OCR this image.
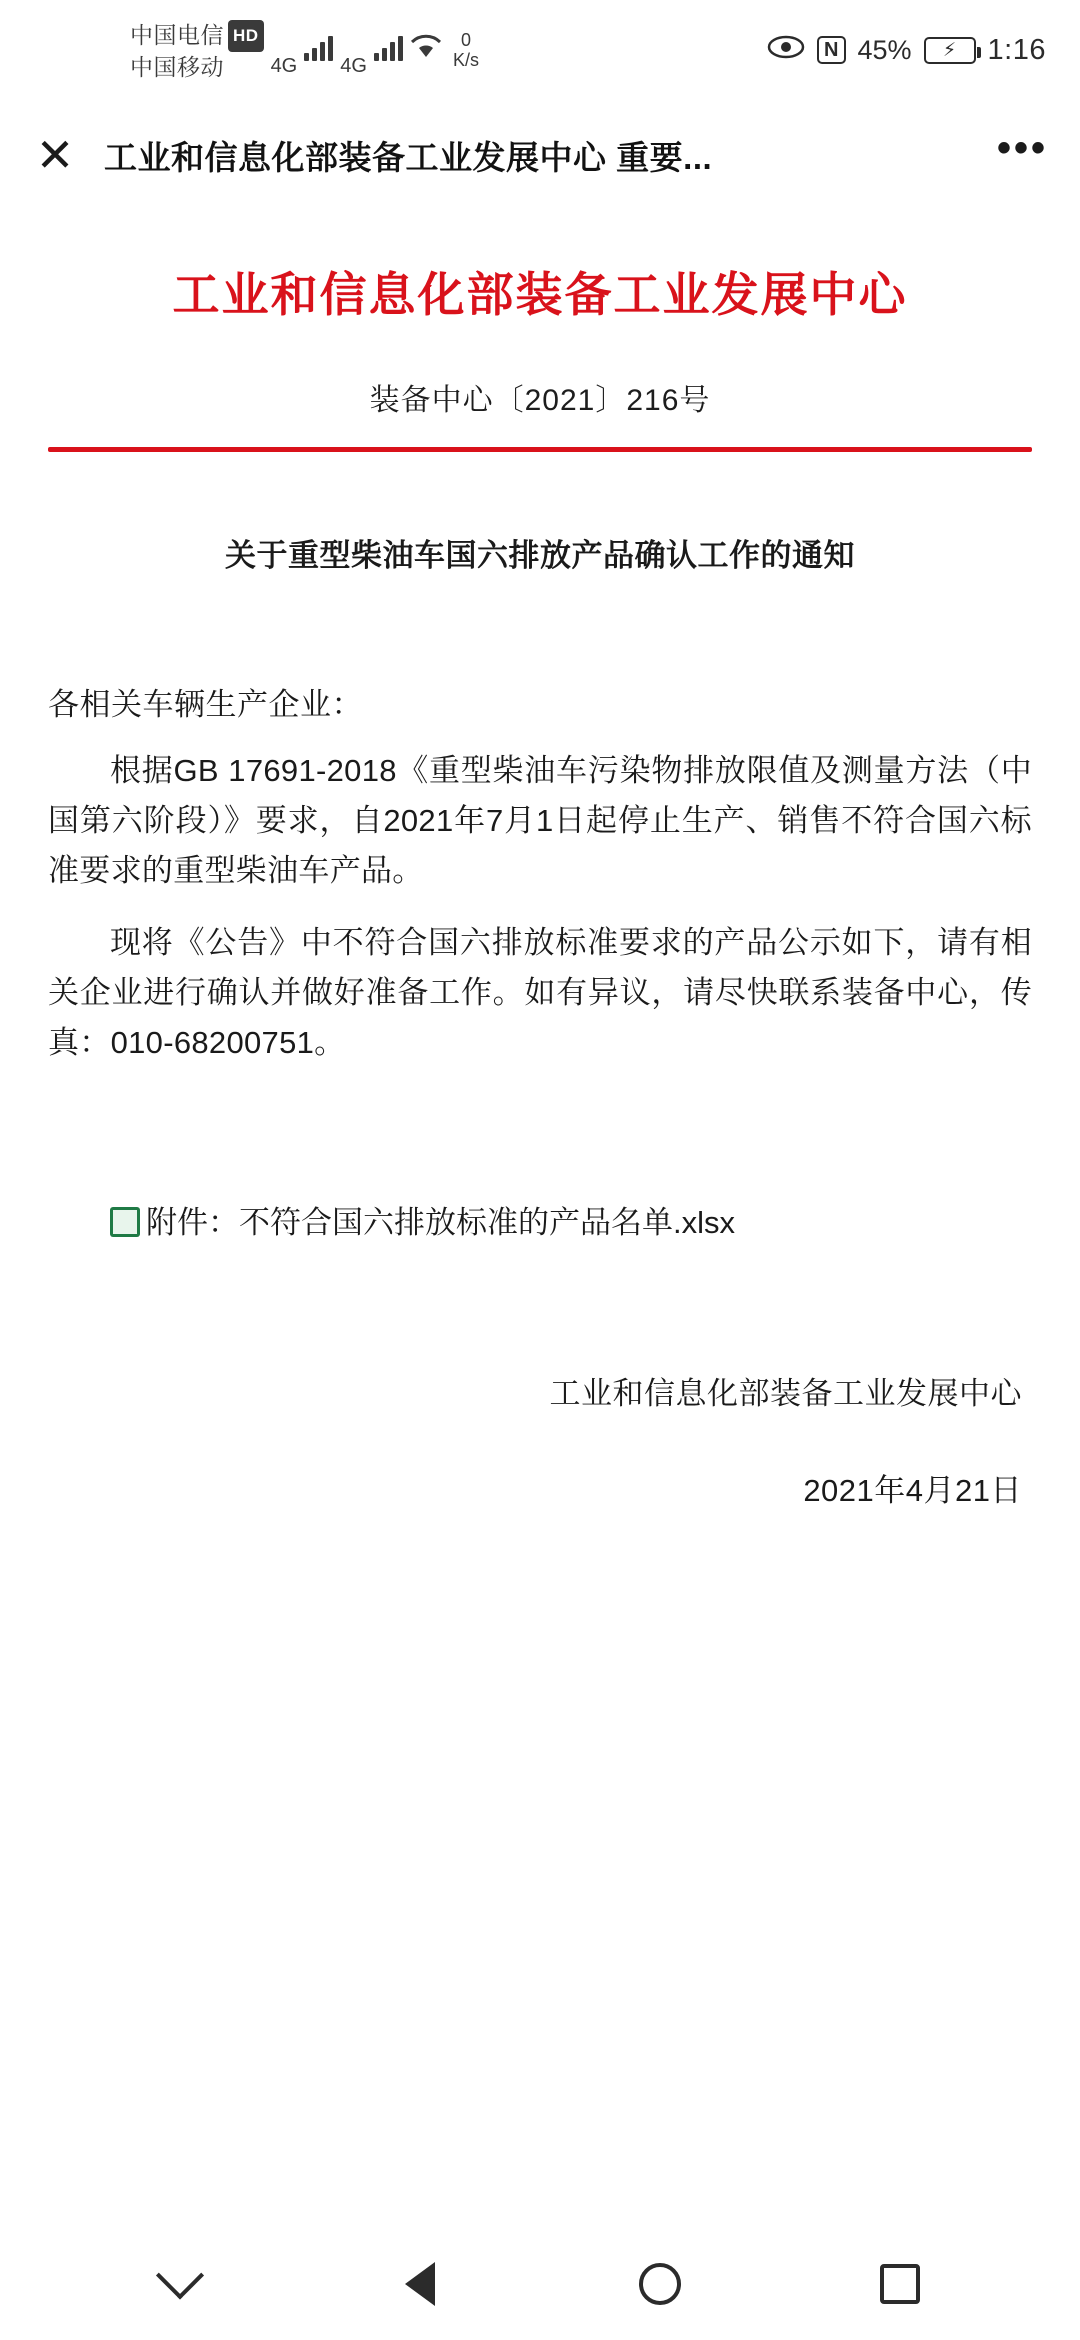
中国电信 HD
中国移动	4G 4G
0
K/s	N 45% ⚡ 1:16
✕ 工业和信息化部装备工业发展中心 重要...	•••
工业和信息化部装备工业发展中心
装备中心〔2021〕216号
关于重型柴油车国六排放产品确认工作的通知
各相关车辆生产企业：
根据GB 17691-2018《重型柴油车污染物排放限值及测量方法（中国第六阶段）》要求，自2021年7月1日起停止生产、销售不符合国六标准要求的重型柴油车产品。
现将《公告》中不符合国六排放标准要求的产品公示如下，请有相关企业进行确认并做好准备工作。如有异议，请尽快联系装备中心，传真：010-68200751。
X附件：不符合国六排放标准的产品名单.xlsx
工业和信息化部装备工业发展中心
2021年4月21日
